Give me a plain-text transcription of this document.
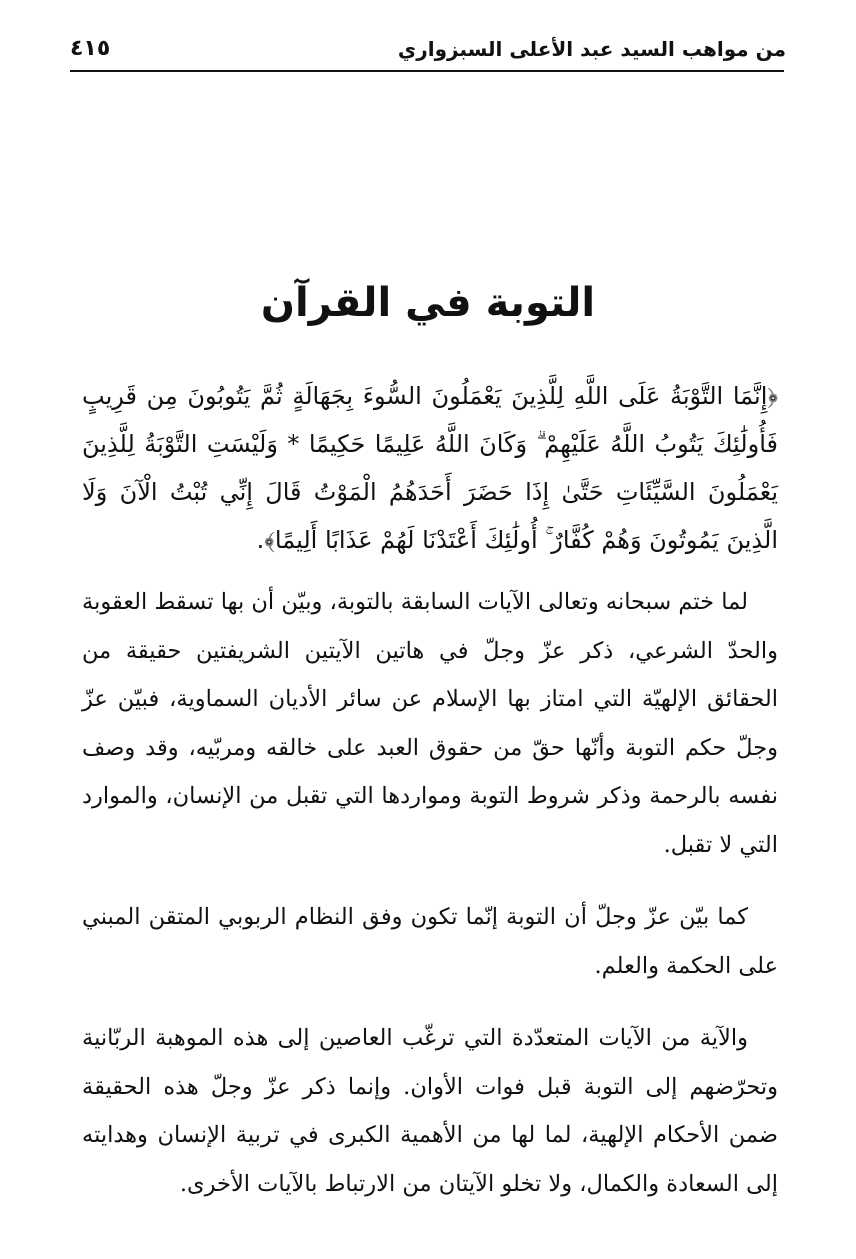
من مواهب السيد عبد الأعلى السبزواري
٤١٥
التوبة في القرآن

﴿إِنَّمَا التَّوْبَةُ عَلَى اللَّهِ لِلَّذِينَ يَعْمَلُونَ السُّوءَ بِجَهَالَةٍ ثُمَّ يَتُوبُونَ مِن قَرِيبٍ فَأُولَٰئِكَ يَتُوبُ اللَّهُ عَلَيْهِمْ ۗ وَكَانَ اللَّهُ عَلِيمًا حَكِيمًا * وَلَيْسَتِ التَّوْبَةُ لِلَّذِينَ يَعْمَلُونَ السَّيِّئَاتِ حَتَّىٰ إِذَا حَضَرَ أَحَدَهُمُ الْمَوْتُ قَالَ إِنِّي تُبْتُ الْآنَ وَلَا الَّذِينَ يَمُوتُونَ وَهُمْ كُفَّارٌ ۚ أُولَٰئِكَ أَعْتَدْنَا لَهُمْ عَذَابًا أَلِيمًا﴾.

لما ختم سبحانه وتعالى الآيات السابقة بالتوبة، وبيّن أن بها تسقط العقوبة والحدّ الشرعي، ذكر عزّ وجلّ في هاتين الآيتين الشريفتين حقيقة من الحقائق الإلهيّة التي امتاز بها الإسلام عن سائر الأديان السماوية، فبيّن عزّ وجلّ حكم التوبة وأنّها حقّ من حقوق العبد على خالقه ومربّيه، وقد وصف نفسه بالرحمة وذكر شروط التوبة ومواردها التي تقبل من الإنسان، والموارد التي لا تقبل.

كما بيّن عزّ وجلّ أن التوبة إنّما تكون وفق النظام الربوبي المتقن المبني على الحكمة والعلم.

والآية من الآيات المتعدّدة التي ترغّب العاصين إلى هذه الموهبة الربّانية وتحرّضهم إلى التوبة قبل فوات الأوان. وإنما ذكر عزّ وجلّ هذه الحقيقة ضمن الأحكام الإلهية، لما لها من الأهمية الكبرى في تربية الإنسان وهدايته إلى السعادة والكمال، ولا تخلو الآيتان من الارتباط بالآيات الأخرى.
